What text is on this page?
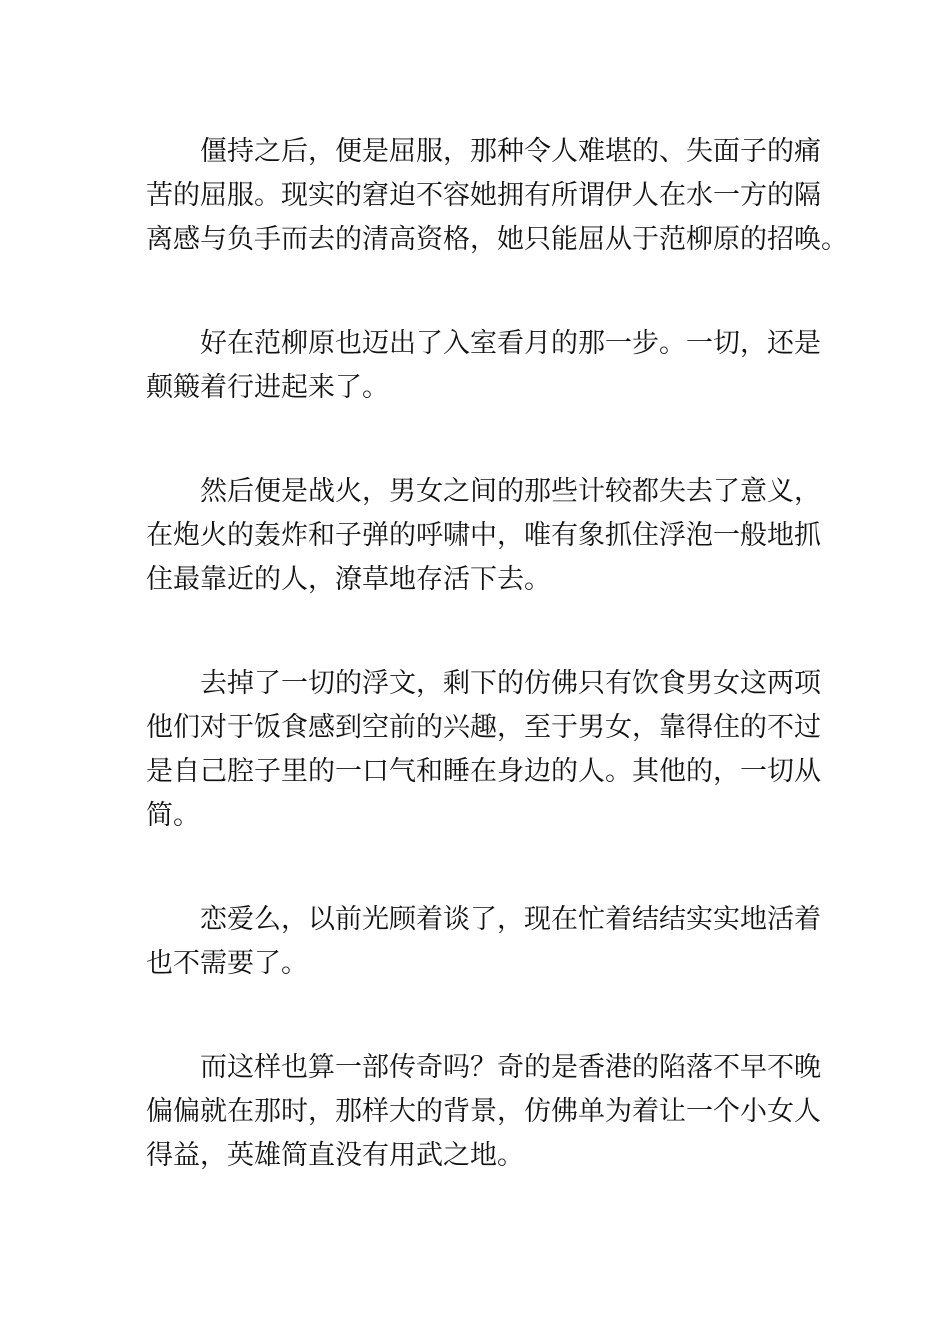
僵持之后，便是屈服，那种令人难堪的、失面子的痛
苦的屈服。现实的窘迫不容她拥有所谓伊人在水一方的隔
离感与负手而去的清高资格，她只能屈从于范柳原的招唤。

好在范柳原也迈出了入室看月的那一步。一切，还是
颠簸着行进起来了。

然后便是战火，男女之间的那些计较都失去了意义，
在炮火的轰炸和子弹的呼啸中，唯有象抓住浮泡一般地抓
住最靠近的人，潦草地存活下去。

去掉了一切的浮文，剩下的仿佛只有饮食男女这两项
他们对于饭食感到空前的兴趣，至于男女，靠得住的不过
是自己腔子里的一口气和睡在身边的人。其他的，一切从
简。

恋爱么，以前光顾着谈了，现在忙着结结实实地活着
也不需要了。

而这样也算一部传奇吗？奇的是香港的陷落不早不晚
偏偏就在那时，那样大的背景，仿佛单为着让一个小女人
得益，英雄简直没有用武之地。
